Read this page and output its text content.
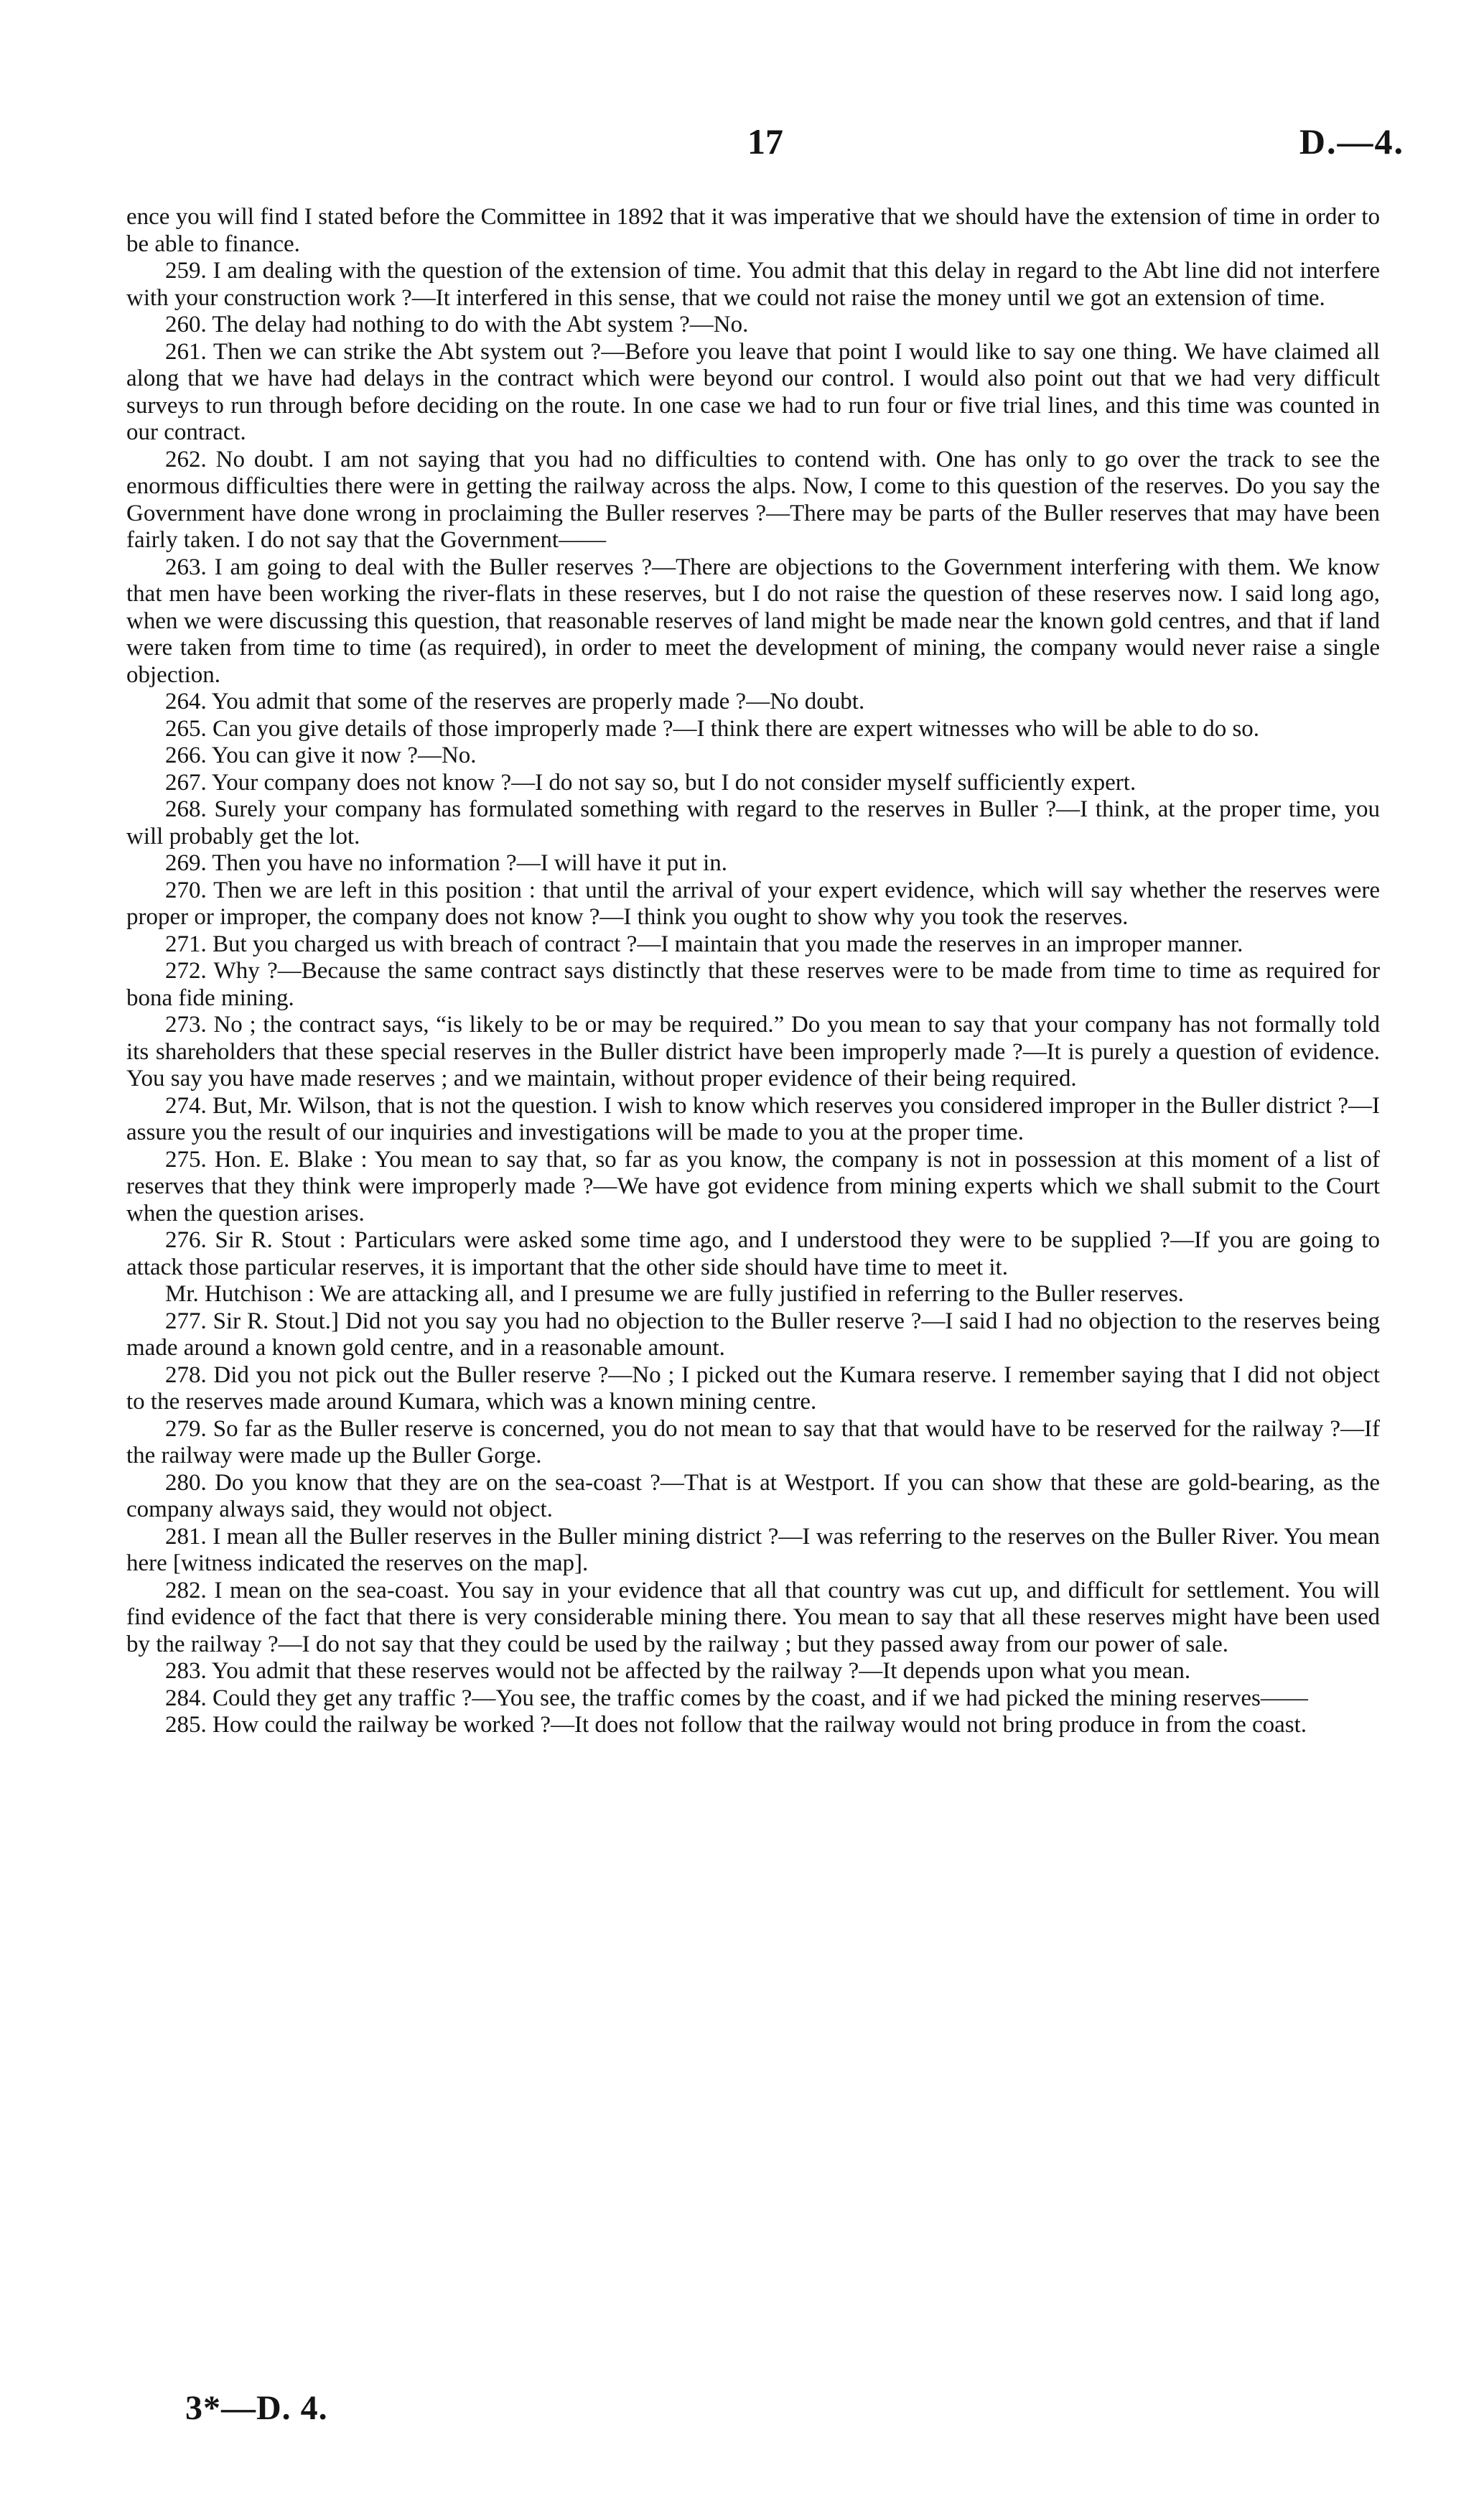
17	D.—4.

ence you will find I stated before the Committee in 1892 that it was imperative that we should have the extension of time in order to be able to finance.

259. I am dealing with the question of the extension of time. You admit that this delay in regard to the Abt line did not interfere with your construction work ?—It interfered in this sense, that we could not raise the money until we got an extension of time.

260. The delay had nothing to do with the Abt system ?—No.

261. Then we can strike the Abt system out ?—Before you leave that point I would like to say one thing. We have claimed all along that we have had delays in the contract which were beyond our control. I would also point out that we had very difficult surveys to run through before deciding on the route. In one case we had to run four or five trial lines, and this time was counted in our contract.

262. No doubt. I am not saying that you had no difficulties to contend with. One has only to go over the track to see the enormous difficulties there were in getting the railway across the alps. Now, I come to this question of the reserves. Do you say the Government have done wrong in proclaiming the Buller reserves ?—There may be parts of the Buller reserves that may have been fairly taken. I do not say that the Government——

263. I am going to deal with the Buller reserves ?—There are objections to the Government interfering with them. We know that men have been working the river-flats in these reserves, but I do not raise the question of these reserves now. I said long ago, when we were discussing this question, that reasonable reserves of land might be made near the known gold centres, and that if land were taken from time to time (as required), in order to meet the development of mining, the company would never raise a single objection.

264. You admit that some of the reserves are properly made ?—No doubt.

265. Can you give details of those improperly made ?—I think there are expert witnesses who will be able to do so.

266. You can give it now ?—No.

267. Your company does not know ?—I do not say so, but I do not consider myself sufficiently expert.

268. Surely your company has formulated something with regard to the reserves in Buller ?—I think, at the proper time, you will probably get the lot.

269. Then you have no information ?—I will have it put in.

270. Then we are left in this position : that until the arrival of your expert evidence, which will say whether the reserves were proper or improper, the company does not know ?—I think you ought to show why you took the reserves.

271. But you charged us with breach of contract ?—I maintain that you made the reserves in an improper manner.

272. Why ?—Because the same contract says distinctly that these reserves were to be made from time to time as required for bona fide mining.

273. No ; the contract says, “is likely to be or may be required.” Do you mean to say that your company has not formally told its shareholders that these special reserves in the Buller district have been improperly made ?—It is purely a question of evidence. You say you have made reserves ; and we maintain, without proper evidence of their being required.

274. But, Mr. Wilson, that is not the question. I wish to know which reserves you considered improper in the Buller district ?—I assure you the result of our inquiries and investigations will be made to you at the proper time.

275. Hon. E. Blake : You mean to say that, so far as you know, the company is not in possession at this moment of a list of reserves that they think were improperly made ?—We have got evidence from mining experts which we shall submit to the Court when the question arises.

276. Sir R. Stout : Particulars were asked some time ago, and I understood they were to be supplied ?—If you are going to attack those particular reserves, it is important that the other side should have time to meet it.

Mr. Hutchison : We are attacking all, and I presume we are fully justified in referring to the Buller reserves.

277. Sir R. Stout.] Did not you say you had no objection to the Buller reserve ?—I said I had no objection to the reserves being made around a known gold centre, and in a reasonable amount.

278. Did you not pick out the Buller reserve ?—No ; I picked out the Kumara reserve. I remember saying that I did not object to the reserves made around Kumara, which was a known mining centre.

279. So far as the Buller reserve is concerned, you do not mean to say that that would have to be reserved for the railway ?—If the railway were made up the Buller Gorge.

280. Do you know that they are on the sea-coast ?—That is at Westport. If you can show that these are gold-bearing, as the company always said, they would not object.

281. I mean all the Buller reserves in the Buller mining district ?—I was referring to the reserves on the Buller River. You mean here [witness indicated the reserves on the map].

282. I mean on the sea-coast. You say in your evidence that all that country was cut up, and difficult for settlement. You will find evidence of the fact that there is very considerable mining there. You mean to say that all these reserves might have been used by the railway ?—I do not say that they could be used by the railway ; but they passed away from our power of sale.

283. You admit that these reserves would not be affected by the railway ?—It depends upon what you mean.

284. Could they get any traffic ?—You see, the traffic comes by the coast, and if we had picked the mining reserves——

285. How could the railway be worked ?—It does not follow that the railway would not bring produce in from the coast.

3*—D. 4.
